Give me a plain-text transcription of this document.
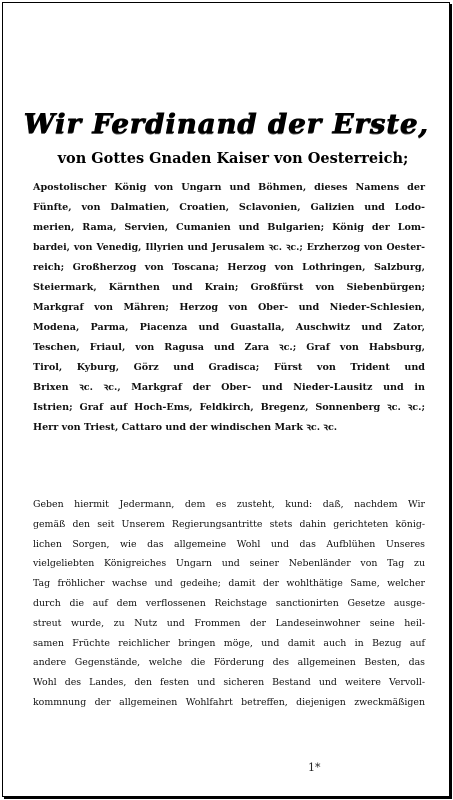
Wir Ferdinand der Erste,
von Gottes Gnaden Kaiser von Oesterreich;
Apostolischer König von Ungarn und Böhmen, dieses Namens der
Fünfte, von Dalmatien, Croatien, Sclavonien, Galizien und Lodo-
merien, Rama, Servien, Cumanien und Bulgarien; König der Lom-
bardei, von Venedig, Illyrien und Jerusalem ꝛc. ꝛc.; Erzherzog von Oester-
reich; Großherzog von Toscana; Herzog von Lothringen, Salzburg,
Steiermark, Kärnthen und Krain; Großfürst von Siebenbürgen;
Markgraf von Mähren; Herzog von Ober- und Nieder-Schlesien,
Modena, Parma, Piacenza und Guastalla, Auschwitz und Zator,
Teschen, Friaul, von Ragusa und Zara ꝛc.; Graf von Habsburg,
Tirol, Kyburg, Görz und Gradisca; Fürst von Trident und
Brixen ꝛc. ꝛc., Markgraf der Ober- und Nieder-Lausitz und in
Istrien; Graf auf Hoch-Ems, Feldkirch, Bregenz, Sonnenberg ꝛc. ꝛc.;
Herr von Triest, Cattaro und der windischen Mark ꝛc. ꝛc.
Geben hiermit Jedermann, dem es zusteht, kund: daß, nachdem Wir
gemäß den seit Unserem Regierungsantritte stets dahin gerichteten könig-
lichen Sorgen, wie das allgemeine Wohl und das Aufblühen Unseres
vielgeliebten Königreiches Ungarn und seiner Nebenländer von Tag zu
Tag fröhlicher wachse und gedeihe; damit der wohlthätige Same, welcher
durch die auf dem verflossenen Reichstage sanctionirten Gesetze ausge-
streut wurde, zu Nutz und Frommen der Landeseinwohner seine heil-
samen Früchte reichlicher bringen möge, und damit auch in Bezug auf
andere Gegenstände, welche die Förderung des allgemeinen Besten, das
Wohl des Landes, den festen und sicheren Bestand und weitere Vervoll-
kommnung der allgemeinen Wohlfahrt betreffen, diejenigen zweckmäßigen
1*
